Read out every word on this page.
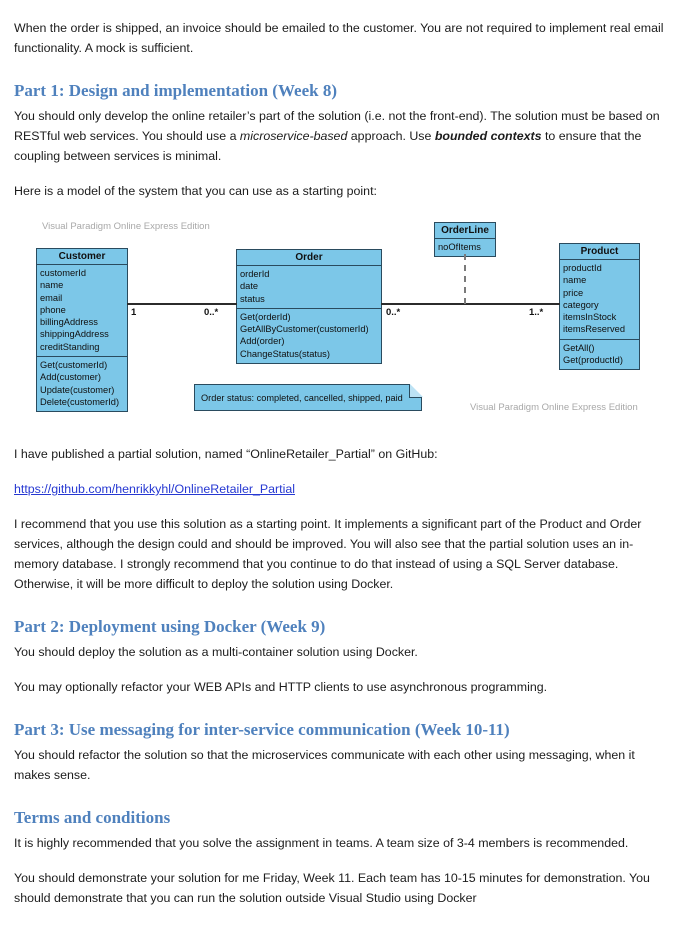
When the order is shipped, an invoice should be emailed to the customer. You are not required to implement real email functionality. A mock is sufficient.

Part 1: Design and implementation (Week 8)

You should only develop the online retailer’s part of the solution (i.e. not the front-end). The solution must be based on RESTful web services. You should use a microservice-based approach. Use bounded contexts to ensure that the coupling between services is minimal.

Here is a model of the system that you can use as a starting point:

Visual Paradigm Online Express Edition
Customer
customerId
name
email
phone
billingAddress
shippingAddress
creditStanding
Get(customerId)
Add(customer)
Update(customer)
Delete(customerId)
Order
orderId
date
status
Get(orderId)
GetAllByCustomer(customerId)
Add(order)
ChangeStatus(status)
OrderLine
noOfItems	Product
productId
name
price
category
itemsInStock
itemsReserved
GetAll()
Get(productId)
1	0..*	0..*	1..*
Order status: completed, cancelled, shipped, paid
Visual Paradigm Online Express Edition

I have published a partial solution, named “OnlineRetailer_Partial” on GitHub:

https://github.com/henrikkyhl/OnlineRetailer_Partial

I recommend that you use this solution as a starting point. It implements a significant part of the Product and Order services, although the design could and should be improved. You will also see that the partial solution uses an in-memory database. I strongly recommend that you continue to do that instead of using a SQL Server database. Otherwise, it will be more difficult to deploy the solution using Docker.

Part 2: Deployment using Docker (Week 9)

You should deploy the solution as a multi-container solution using Docker.

You may optionally refactor your WEB APIs and HTTP clients to use asynchronous programming.

Part 3: Use messaging for inter-service communication (Week 10-11)

You should refactor the solution so that the microservices communicate with each other using messaging, when it makes sense.

Terms and conditions

It is highly recommended that you solve the assignment in teams. A team size of 3-4 members is recommended.

You should demonstrate your solution for me Friday, Week 11. Each team has 10-15 minutes for demonstration. You should demonstrate that you can run the solution outside Visual Studio using Docker
